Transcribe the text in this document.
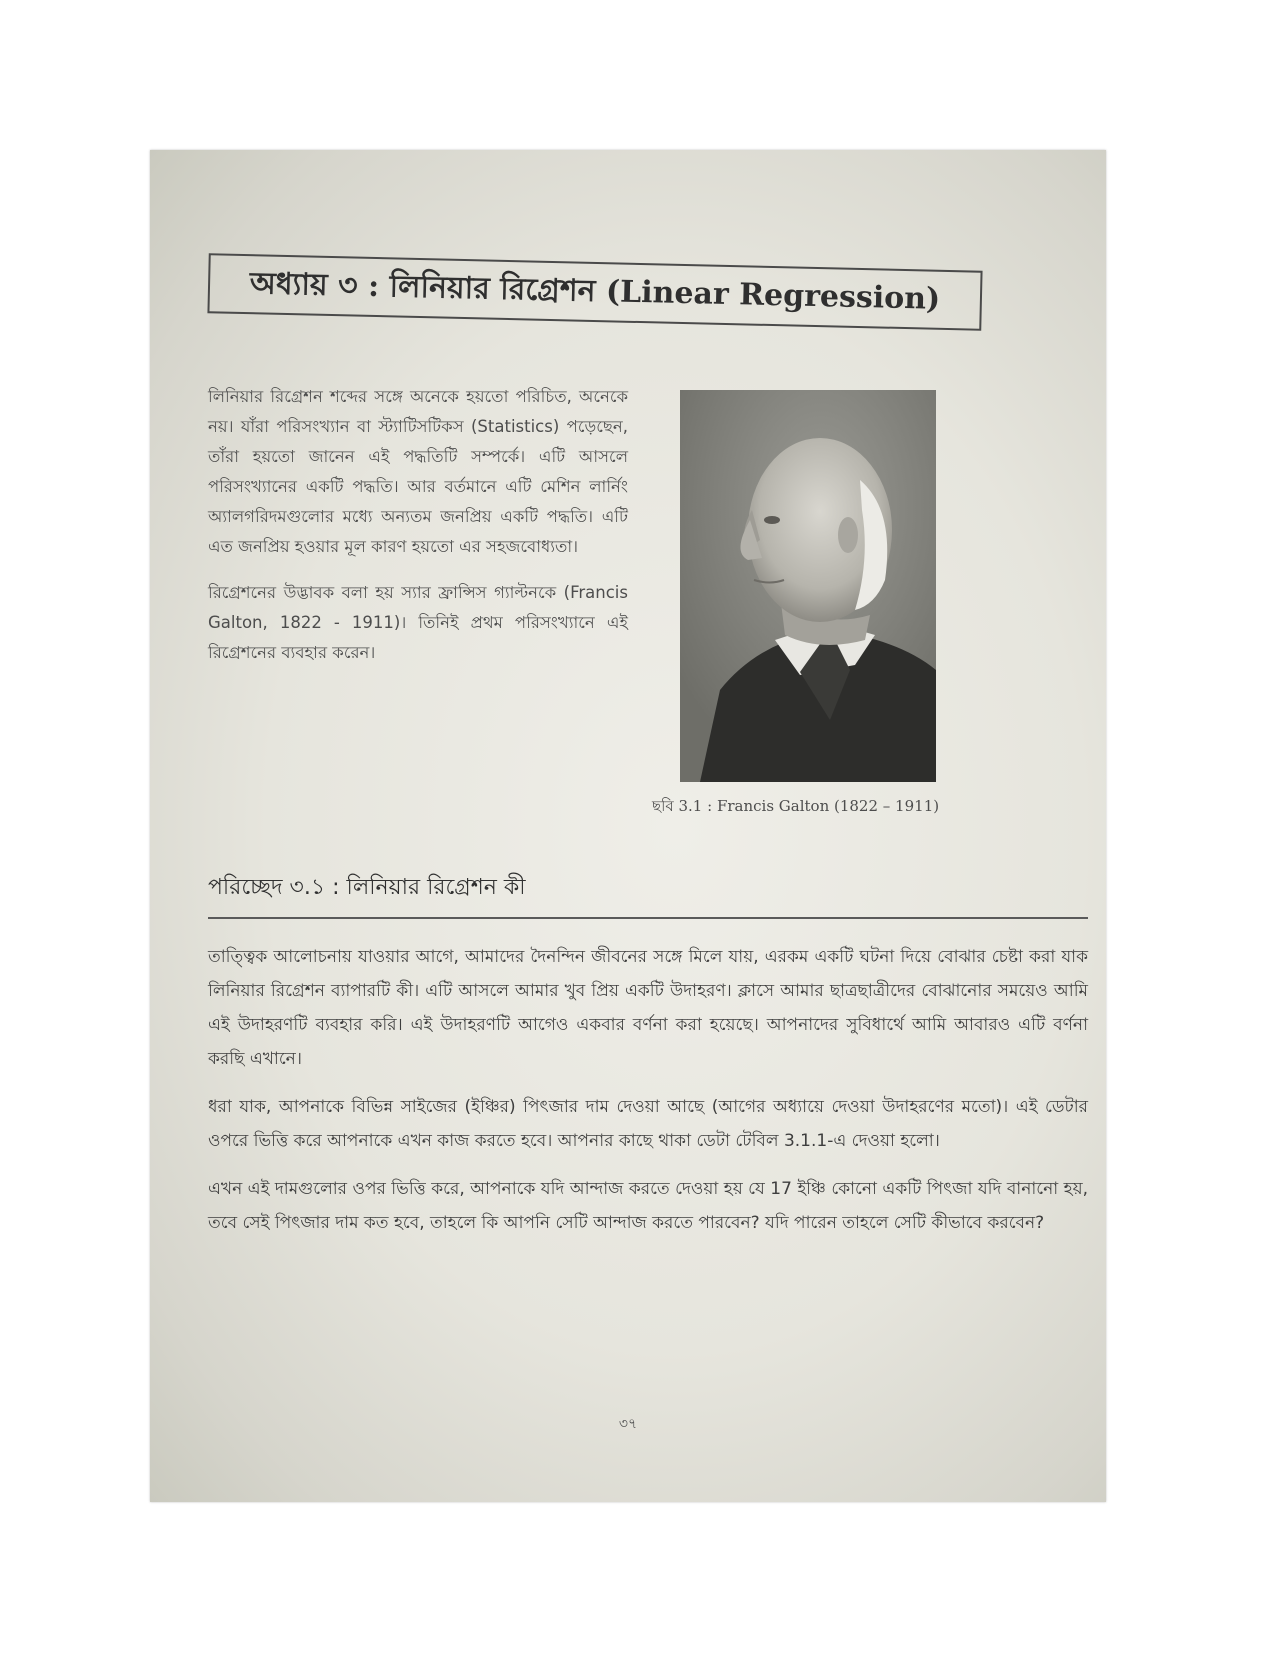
অধ্যায় ৩ : লিনিয়ার রিগ্রেশন (Linear Regression)

লিনিয়ার রিগ্রেশন শব্দের সঙ্গে অনেকে হয়তো পরিচিত, অনেকে নয়। যাঁরা পরিসংখ্যান বা স্ট্যাটিসটিকস (Statistics) পড়েছেন, তাঁরা হয়তো জানেন এই পদ্ধতিটি সম্পর্কে। এটি আসলে পরিসংখ্যানের একটি পদ্ধতি। আর বর্তমানে এটি মেশিন লার্নিং অ্যালগরিদমগুলোর মধ্যে অন্যতম জনপ্রিয় একটি পদ্ধতি। এটি এত জনপ্রিয় হওয়ার মূল কারণ হয়তো এর সহজবোধ্যতা।

রিগ্রেশনের উদ্ভাবক বলা হয় স্যার ফ্রান্সিস গ্যাল্টনকে (Francis Galton, 1822 - 1911)। তিনিই প্রথম পরিসংখ্যানে এই রিগ্রেশনের ব্যবহার করেন।

ছবি 3.1 : Francis Galton (1822 – 1911)
পরিচ্ছেদ ৩.১ : লিনিয়ার রিগ্রেশন কী

তাত্ত্বিক আলোচনায় যাওয়ার আগে, আমাদের দৈনন্দিন জীবনের সঙ্গে মিলে যায়, এরকম একটি ঘটনা দিয়ে বোঝার চেষ্টা করা যাক লিনিয়ার রিগ্রেশন ব্যাপারটি কী। এটি আসলে আমার খুব প্রিয় একটি উদাহরণ। ক্লাসে আমার ছাত্রছাত্রীদের বোঝানোর সময়েও আমি এই উদাহরণটি ব্যবহার করি। এই উদাহরণটি আগেও একবার বর্ণনা করা হয়েছে। আপনাদের সুবিধার্থে আমি আবারও এটি বর্ণনা করছি এখানে।

ধরা যাক, আপনাকে বিভিন্ন সাইজের (ইঞ্চির) পিৎজার দাম দেওয়া আছে (আগের অধ্যায়ে দেওয়া উদাহরণের মতো)। এই ডেটার ওপরে ভিত্তি করে আপনাকে এখন কাজ করতে হবে। আপনার কাছে থাকা ডেটা টেবিল 3.1.1-এ দেওয়া হলো।

এখন এই দামগুলোর ওপর ভিত্তি করে, আপনাকে যদি আন্দাজ করতে দেওয়া হয় যে 17 ইঞ্চি কোনো একটি পিৎজা যদি বানানো হয়, তবে সেই পিৎজার দাম কত হবে, তাহলে কি আপনি সেটি আন্দাজ করতে পারবেন? যদি পারেন তাহলে সেটি কীভাবে করবেন?

৩৭
